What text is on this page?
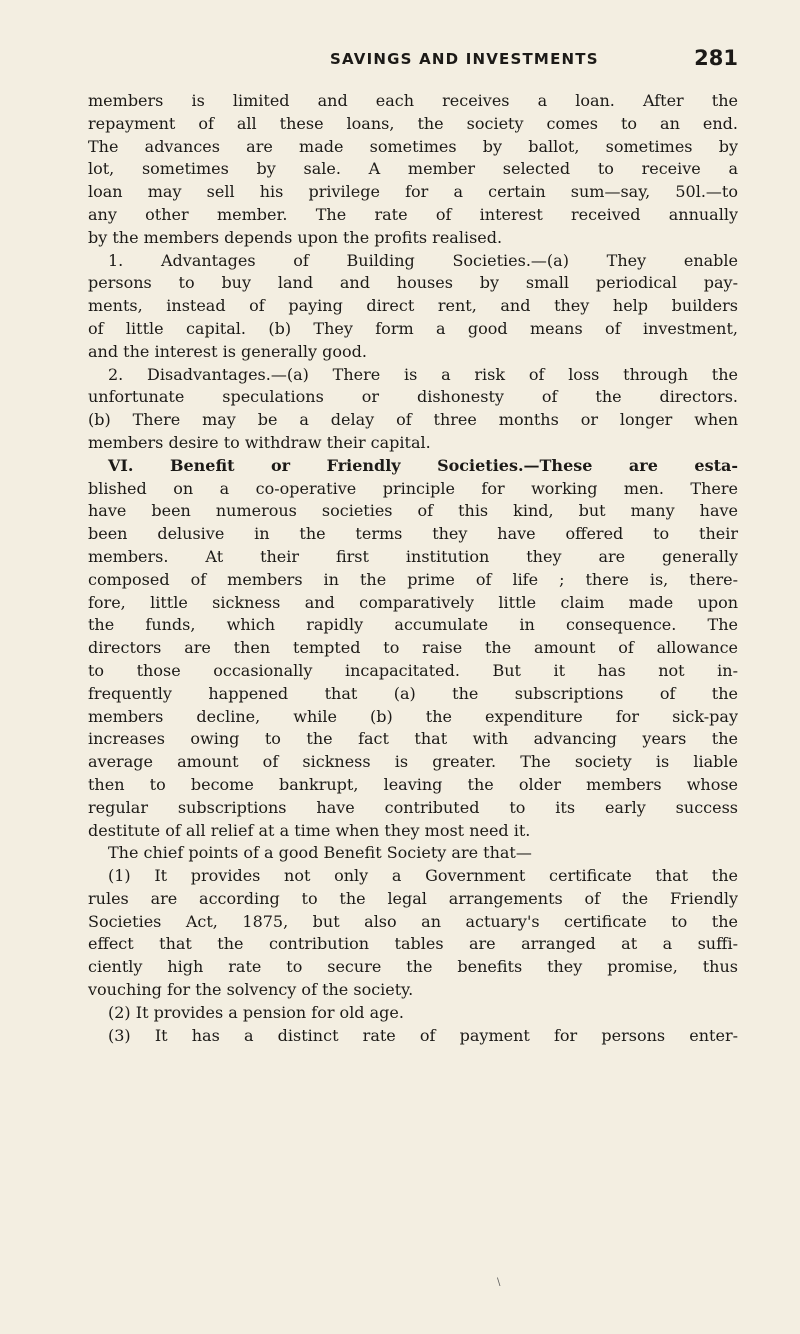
SAVINGS AND INVESTMENTS	281
members is limited and each receives a loan. After the
repayment of all these loans, the society comes to an end.
The advances are made sometimes by ballot, sometimes by
lot, sometimes by sale. A member selected to receive a
loan may sell his privilege for a certain sum—say, 50l.—to
any other member. The rate of interest received annually
by the members depends upon the profits realised.
1. Advantages of Building Societies.—(a) They enable
persons to buy land and houses by small periodical pay-
ments, instead of paying direct rent, and they help builders
of little capital. (b) They form a good means of investment,
and the interest is generally good.
2. Disadvantages.—(a) There is a risk of loss through the
unfortunate speculations or dishonesty of the directors.
(b) There may be a delay of three months or longer when
members desire to withdraw their capital.
VI. Benefit or Friendly Societies.—These are esta-
blished on a co-operative principle for working men. There
have been numerous societies of this kind, but many have
been delusive in the terms they have offered to their
members. At their first institution they are generally
composed of members in the prime of life ; there is, there-
fore, little sickness and comparatively little claim made upon
the funds, which rapidly accumulate in consequence. The
directors are then tempted to raise the amount of allowance
to those occasionally incapacitated. But it has not in-
frequently happened that (a) the subscriptions of the
members decline, while (b) the expenditure for sick-pay
increases owing to the fact that with advancing years the
average amount of sickness is greater. The society is liable
then to become bankrupt, leaving the older members whose
regular subscriptions have contributed to its early success
destitute of all relief at a time when they most need it.
The chief points of a good Benefit Society are that—
(1) It provides not only a Government certificate that the
rules are according to the legal arrangements of the Friendly
Societies Act, 1875, but also an actuary's certificate to the
effect that the contribution tables are arranged at a suffi-
ciently high rate to secure the benefits they promise, thus
vouching for the solvency of the society.
(2) It provides a pension for old age.
(3) It has a distinct rate of payment for persons enter-
\
